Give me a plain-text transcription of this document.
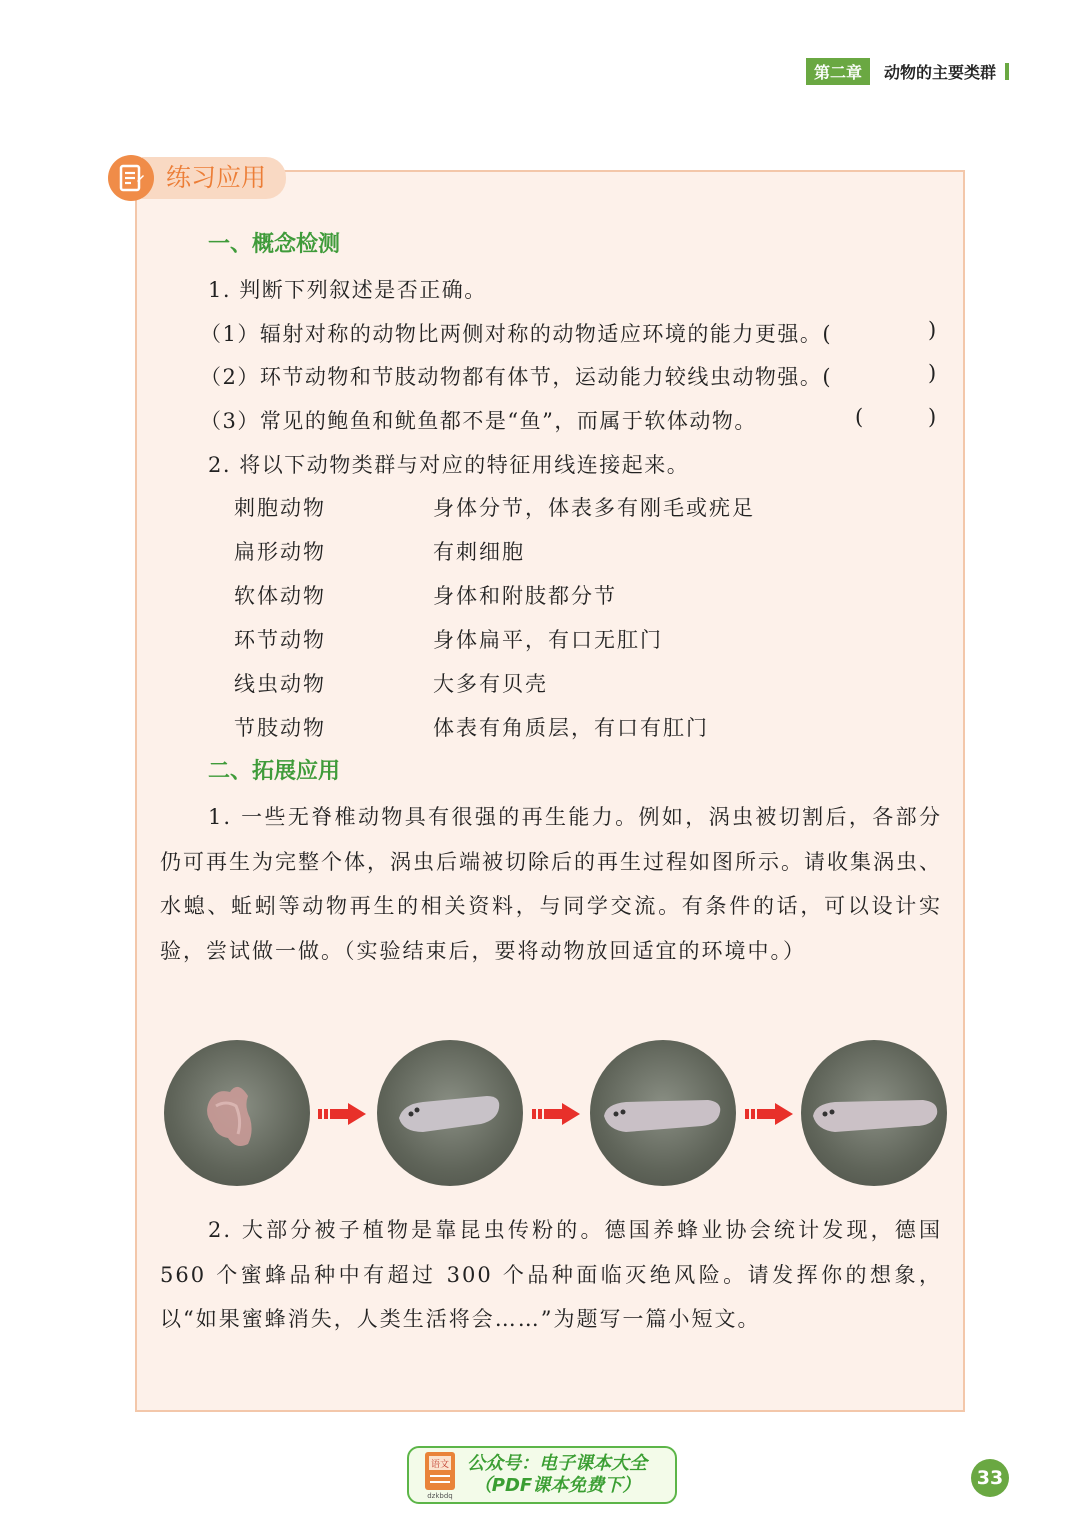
第二章	动物的主要类群
练习应用
一、概念检测
1. 判断下列叙述是否正确。
（1）辐射对称的动物比两侧对称的动物适应环境的能力更强。(	)
（2）环节动物和节肢动物都有体节，运动能力较线虫动物强。(	)
（3）常见的鲍鱼和鱿鱼都不是“鱼”，而属于软体动物。	(	)
2. 将以下动物类群与对应的特征用线连接起来。
刺胞动物	身体分节，体表多有刚毛或疣足
扁形动物	有刺细胞
软体动物	身体和附肢都分节
环节动物	身体扁平，有口无肛门
线虫动物	大多有贝壳
节肢动物	体表有角质层，有口有肛门
二、拓展应用
1. 一些无脊椎动物具有很强的再生能力。例如，涡虫被切割后，各部分仍可再生为完整个体，涡虫后端被切除后的再生过程如图所示。请收集涡虫、水螅、蚯蚓等动物再生的相关资料，与同学交流。有条件的话，可以设计实验，尝试做一做。（实验结束后，要将动物放回适宜的环境中。）
2. 大部分被子植物是靠昆虫传粉的。德国养蜂业协会统计发现，德国 560 个蜜蜂品种中有超过 300 个品种面临灭绝风险。请发挥你的想象，以“如果蜜蜂消失，人类生活将会……”为题写一篇小短文。
语文
dzkbdq
公众号：电子课本大全
（PDF课本免费下）	33
